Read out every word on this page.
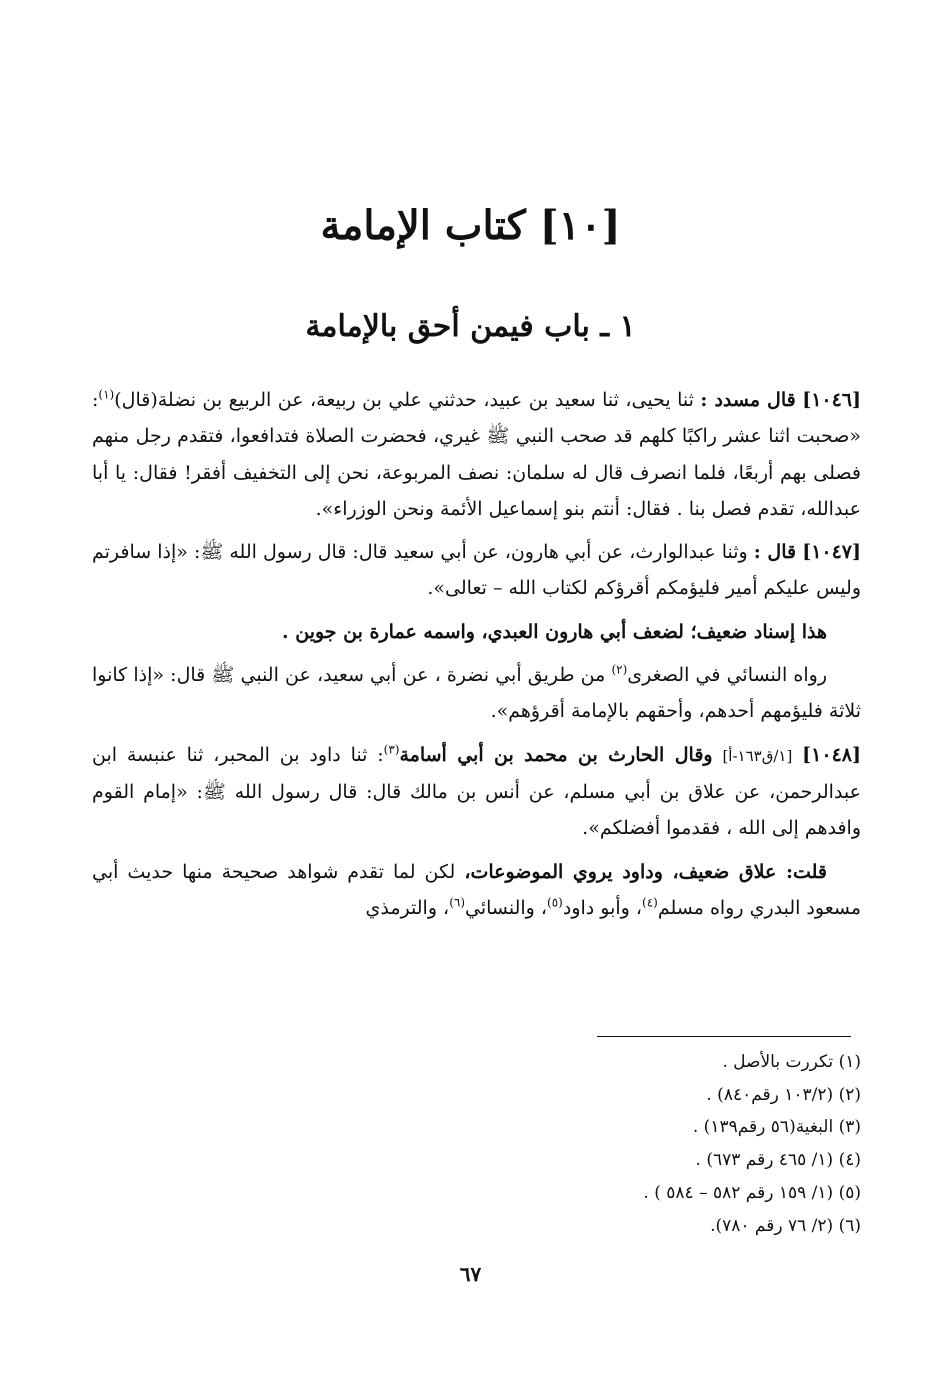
[١٠] كتاب الإمامة
١ ـ باب فيمن أحق بالإمامة

[١٠٤٦] قال مسدد : ثنا يحيى، ثنا سعيد بن عبيد، حدثني علي بن ربيعة، عن الربيع بن نضلة(قال)$^{(١)}$: «صحبت اثنا عشر راكبًا كلهم قد صحب النبي ﷺ غيري، فحضرت الصلاة فتدافعوا، فتقدم رجل منهم فصلى بهم أربعًا، فلما انصرف قال له سلمان: نصف المربوعة، نحن إلى التخفيف أفقر! فقال: يا أبا عبدالله، تقدم فصل بنا . فقال: أنتم بنو إسماعيل الأئمة ونحن الوزراء».

[١٠٤٧] قال : وثنا عبدالوارث، عن أبي هارون، عن أبي سعيد قال: قال رسول الله ﷺ: «إذا سافرتم وليس عليكم أمير فليؤمكم أقرؤكم لكتاب الله – تعالى».

هذا إسناد ضعيف؛ لضعف أبي هارون العبدي، واسمه عمارة بن جوين .

رواه النسائي في الصغرى$^{(٢)}$ من طريق أبي نضرة ، عن أبي سعيد، عن النبي ﷺ قال: «إذا كانوا ثلاثة فليؤمهم أحدهم، وأحقهم بالإمامة أقرؤهم».

[١٠٤٨] [١/ق١٦٣-أ] وقال الحارث بن محمد بن أبي أسامة$^{(٣)}$: ثنا داود بن المحبر، ثنا عنبسة ابن عبدالرحمن، عن علاق بن أبي مسلم، عن أنس بن مالك قال: قال رسول الله ﷺ: «إمام القوم وافدهم إلى الله ، فقدموا أفضلكم».

قلت: علاق ضعيف، وداود يروي الموضوعات، لكن لما تقدم شواهد صحيحة منها حديث أبي مسعود البدري رواه مسلم$^{(٤)}$، وأبو داود$^{(٥)}$، والنسائي$^{(٦)}$، والترمذي

(١) تكررت بالأصل .
(٢) (١٠٣/٢ رقم٨٤٠) .
(٣) البغية(٥٦ رقم١٣٩) .
(٤) (١/ ٤٦٥ رقم ٦٧٣) .
(٥) (١/ ١٥٩ رقم ٥٨٢ – ٥٨٤ ) .
(٦) (٢/ ٧٦ رقم ٧٨٠).
٦٧
